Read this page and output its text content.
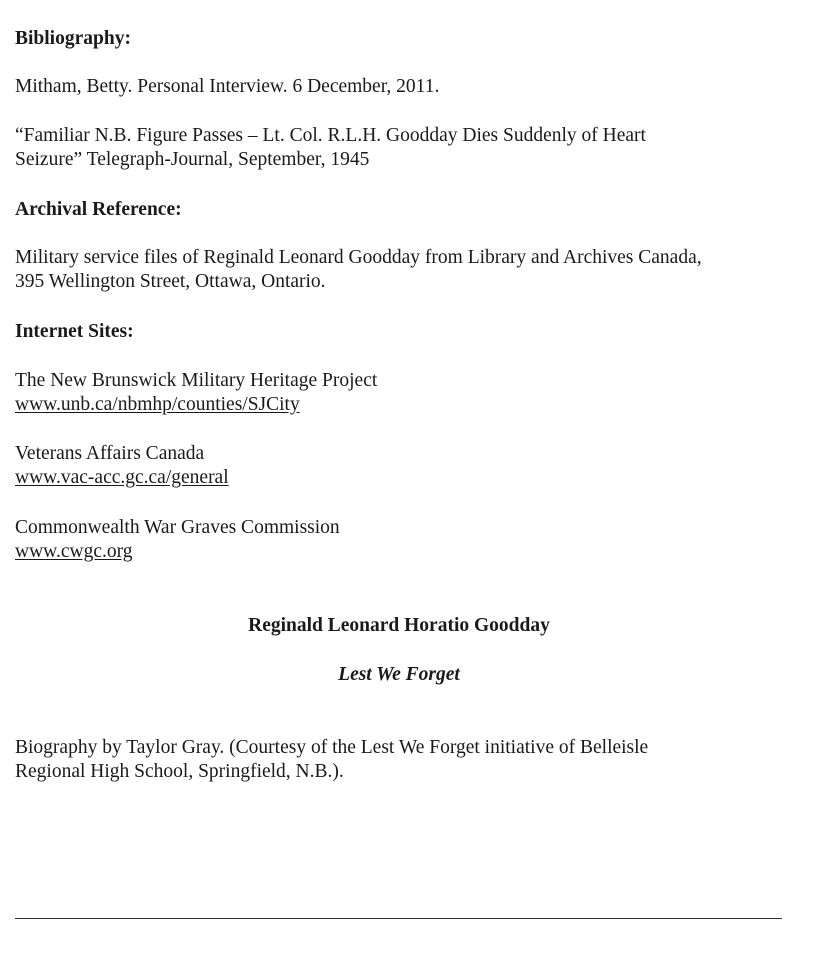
Bibliography:
Mitham, Betty. Personal Interview. 6 December, 2011.
“Familiar N.B. Figure Passes – Lt. Col. R.L.H. Goodday Dies Suddenly of Heart
Seizure” Telegraph-Journal, September, 1945
Archival Reference:
Military service files of Reginald Leonard Goodday from Library and Archives Canada,
395 Wellington Street, Ottawa, Ontario.
Internet Sites:
The New Brunswick Military Heritage Project
www.unb.ca/nbmhp/counties/SJCity
Veterans Affairs Canada
www.vac-acc.gc.ca/general
Commonwealth War Graves Commission
www.cwgc.org
Reginald Leonard Horatio Goodday
Lest We Forget
Biography by Taylor Gray. (Courtesy of the Lest We Forget initiative of Belleisle
Regional High School, Springfield, N.B.).
